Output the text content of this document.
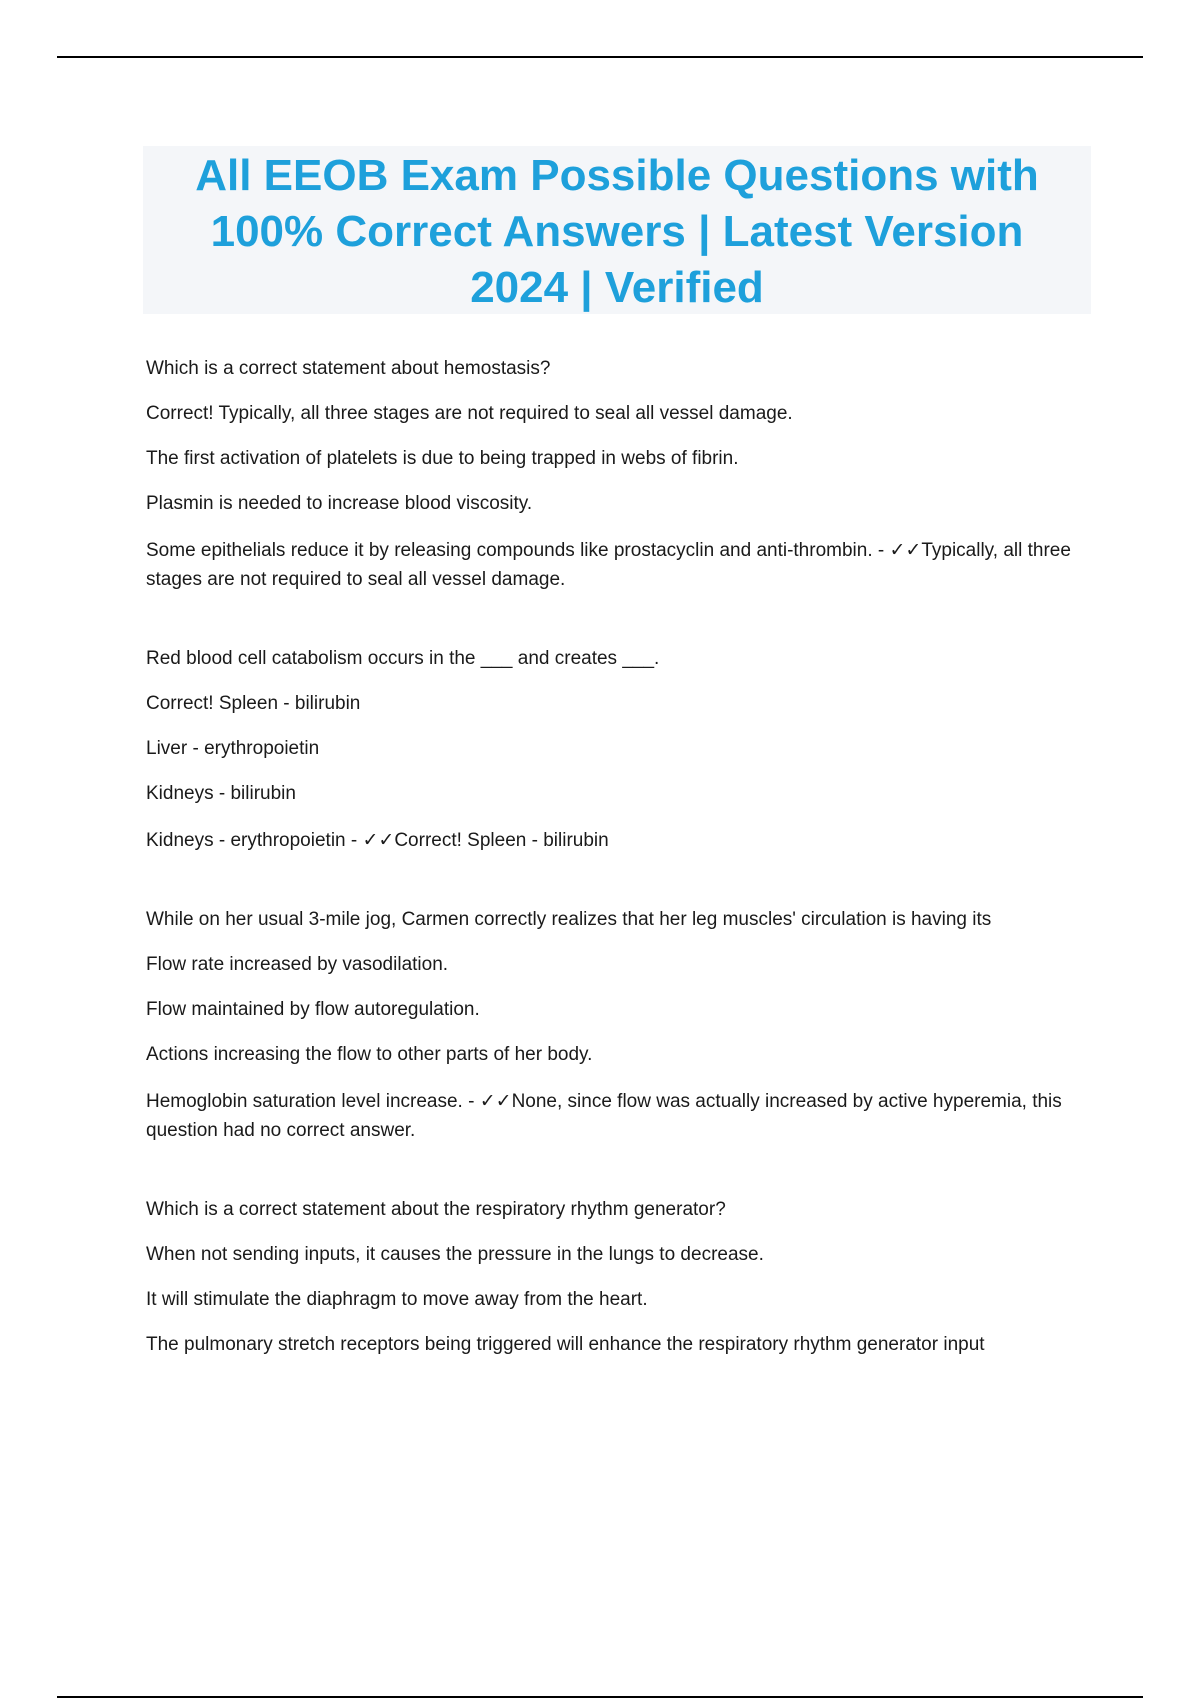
All EEOB Exam Possible Questions with
100% Correct Answers | Latest Version
2024 | Verified
Which is a correct statement about hemostasis?
Correct! Typically, all three stages are not required to seal all vessel damage.
The first activation of platelets is due to being trapped in webs of fibrin.
Plasmin is needed to increase blood viscosity.
Some epithelials reduce it by releasing compounds like prostacyclin and anti-thrombin. - ✓✓Typically, all three stages are not required to seal all vessel damage.
Red blood cell catabolism occurs in the ___ and creates ___.
Correct! Spleen - bilirubin
Liver - erythropoietin
Kidneys - bilirubin
Kidneys - erythropoietin - ✓✓Correct! Spleen - bilirubin
While on her usual 3-mile jog, Carmen correctly realizes that her leg muscles' circulation is having its
Flow rate increased by vasodilation.
Flow maintained by flow autoregulation.
Actions increasing the flow to other parts of her body.
Hemoglobin saturation level increase. - ✓✓None, since flow was actually increased by active hyperemia, this question had no correct answer.
Which is a correct statement about the respiratory rhythm generator?
When not sending inputs, it causes the pressure in the lungs to decrease.
It will stimulate the diaphragm to move away from the heart.
The pulmonary stretch receptors being triggered will enhance the respiratory rhythm generator input
